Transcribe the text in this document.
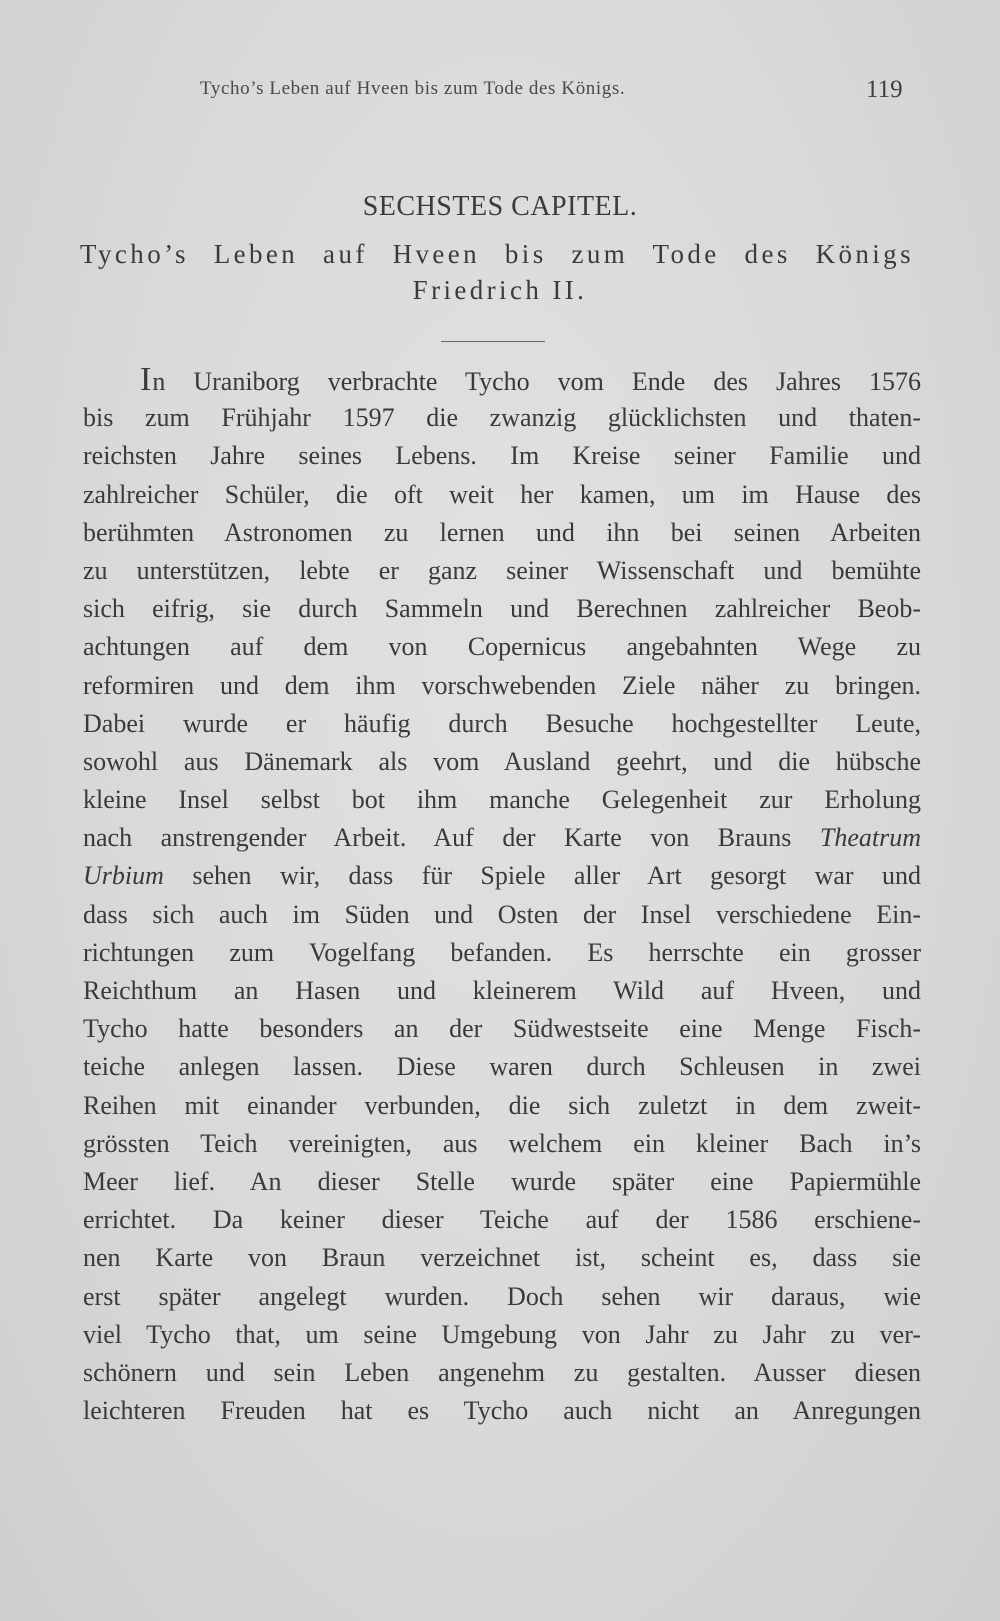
Tycho’s Leben auf Hveen bis zum Tode des Königs.	119
SECHSTES CAPITEL.
Tycho’s Leben auf Hveen bis zum Tode des Königs
Friedrich II.
In Uraniborg verbrachte Tycho vom Ende des Jahres 1576
bis zum Frühjahr 1597 die zwanzig glücklichsten und thaten-
reichsten Jahre seines Lebens. Im Kreise seiner Familie und
zahlreicher Schüler, die oft weit her kamen, um im Hause des
berühmten Astronomen zu lernen und ihn bei seinen Arbeiten
zu unterstützen, lebte er ganz seiner Wissenschaft und bemühte
sich eifrig, sie durch Sammeln und Berechnen zahlreicher Beob-
achtungen auf dem von Copernicus angebahnten Wege zu
reformiren und dem ihm vorschwebenden Ziele näher zu bringen.
Dabei wurde er häufig durch Besuche hochgestellter Leute,
sowohl aus Dänemark als vom Ausland geehrt, und die hübsche
kleine Insel selbst bot ihm manche Gelegenheit zur Erholung
nach anstrengender Arbeit. Auf der Karte von Brauns Theatrum
Urbium sehen wir, dass für Spiele aller Art gesorgt war und
dass sich auch im Süden und Osten der Insel verschiedene Ein-
richtungen zum Vogelfang befanden. Es herrschte ein grosser
Reichthum an Hasen und kleinerem Wild auf Hveen, und
Tycho hatte besonders an der Südwestseite eine Menge Fisch-
teiche anlegen lassen. Diese waren durch Schleusen in zwei
Reihen mit einander verbunden, die sich zuletzt in dem zweit-
grössten Teich vereinigten, aus welchem ein kleiner Bach in’s
Meer lief. An dieser Stelle wurde später eine Papiermühle
errichtet. Da keiner dieser Teiche auf der 1586 erschiene-
nen Karte von Braun verzeichnet ist, scheint es, dass sie
erst später angelegt wurden. Doch sehen wir daraus, wie
viel Tycho that, um seine Umgebung von Jahr zu Jahr zu ver-
schönern und sein Leben angenehm zu gestalten. Ausser diesen
leichteren Freuden hat es Tycho auch nicht an Anregungen
